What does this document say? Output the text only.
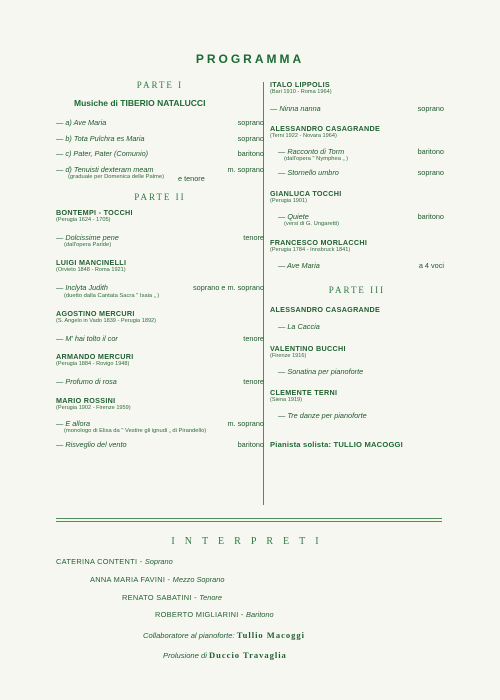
PROGRAMMA
PARTE I
Musiche di TIBERIO NATALUCCI
— a) Ave Maria	soprano
— b) Tota Pulchra es Maria	soprano
— c) Pater, Pater (Comunio)	baritono
— d) Tenuisti dexteram meam	m. soprano
(graduale per Domenica delle Palme)	e tenore
PARTE II
BONTEMPI - TOCCHI
(Perugia 1624 - 1705)
— Dolcissime pene	tenore
(dall'opera Paride)
LUIGI MANCINELLI
(Orvieto 1848 - Roma 1921)
— Inclyta Judith	soprano e m. soprano
(duetto dalla Cantata Sacra " Isaia „ )
AGOSTINO MERCURI
(S. Angelo in Vado 1839 - Perugia 1892)
— M' hai tolto il cor	tenore
ARMANDO MERCURI
(Perugia 1884 - Rovigo 1948)
— Profumo di rosa	tenore
MARIO ROSSINI
(Perugia 1902 - Firenze 1959)
— E allora	m. soprano
(monologo di Elisa da " Vestire gli ignudi „ di Pirandello)
— Risveglio del vento	baritono
ITALO LIPPOLIS
(Bari 1910 - Roma 1964)
— Ninna nanna	soprano
ALESSANDRO CASAGRANDE
(Terni 1922 - Novara 1964)
— Racconto di Torm	baritono
(dall'opera " Nymphea „ )
— Stornello umbro	soprano
GIANLUCA TOCCHI
(Perugia 1901)
— Quiete	baritono
(versi di G. Ungaretti)
FRANCESCO MORLACCHI
(Perugia 1784 - Innsbruck 1841)
— Ave Maria	a 4 voci
PARTE III
ALESSANDRO CASAGRANDE
— La Caccia
VALENTINO BUCCHI
(Firenze 1916)
— Sonatina per pianoforte
CLEMENTE TERNI
(Siena 1919)
— Tre danze per pianoforte
Pianista solista: TULLIO MACOGGI
INTERPRETI
CATERINA CONTENTI - Soprano
ANNA MARIA FAVINI - Mezzo Soprano
RENATO SABATINI - Tenore
ROBERTO MIGLIARINI - Baritono
Collaboratore al pianoforte: Tullio Macoggi
Prolusione di Duccio Travaglia
